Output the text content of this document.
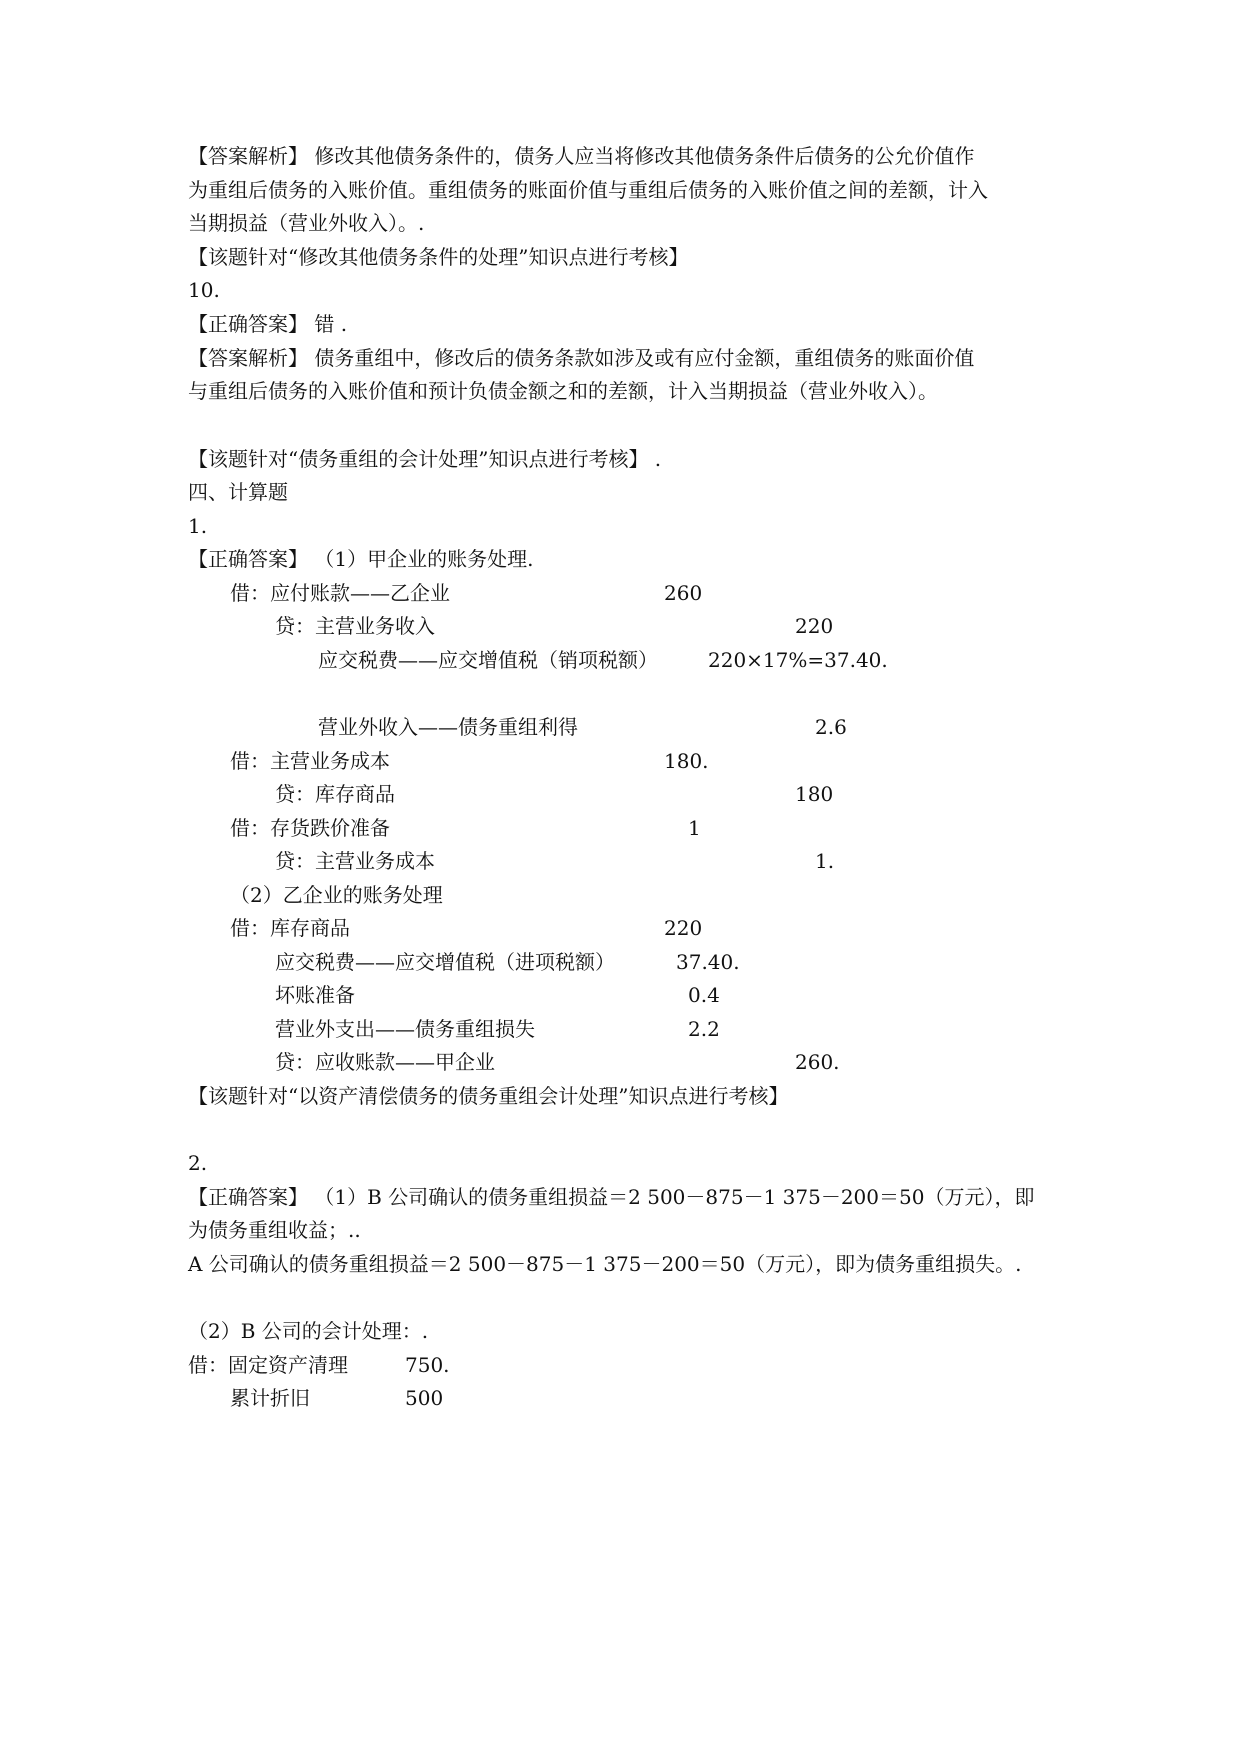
【答案解析】 修改其他债务条件的，债务人应当将修改其他债务条件后债务的公允价值作
为重组后债务的入账价值。重组债务的账面价值与重组后债务的入账价值之间的差额，计入
当期损益（营业外收入）。.
【该题针对“修改其他债务条件的处理”知识点进行考核】
10.
【正确答案】 错 .
【答案解析】 债务重组中，修改后的债务条款如涉及或有应付金额，重组债务的账面价值
与重组后债务的入账价值和预计负债金额之和的差额，计入当期损益（营业外收入）。
【该题针对“债务重组的会计处理”知识点进行考核】 .
四、计算题
1.
【正确答案】 （1）甲企业的账务处理.
借：应付账款——乙企业	260
贷：主营业务收入	220
应交税费——应交增值税（销项税额）	220×17%=37.40.
营业外收入——债务重组利得	2.6
借：主营业务成本	180.
贷：库存商品	180
借：存货跌价准备	1
贷：主营业务成本	1.
（2）乙企业的账务处理
借：库存商品	220
应交税费——应交增值税（进项税额）	37.40.
坏账准备	0.4
营业外支出——债务重组损失	2.2
贷：应收账款——甲企业	260.
【该题针对“以资产清偿债务的债务重组会计处理”知识点进行考核】
2.
【正确答案】 （1）B 公司确认的债务重组损益＝2 500－875－1 375－200＝50（万元），即
为债务重组收益；..
A 公司确认的债务重组损益＝2 500－875－1 375－200＝50（万元），即为债务重组损失。.
（2）B 公司的会计处理：.
借：固定资产清理	750.
累计折旧	500
